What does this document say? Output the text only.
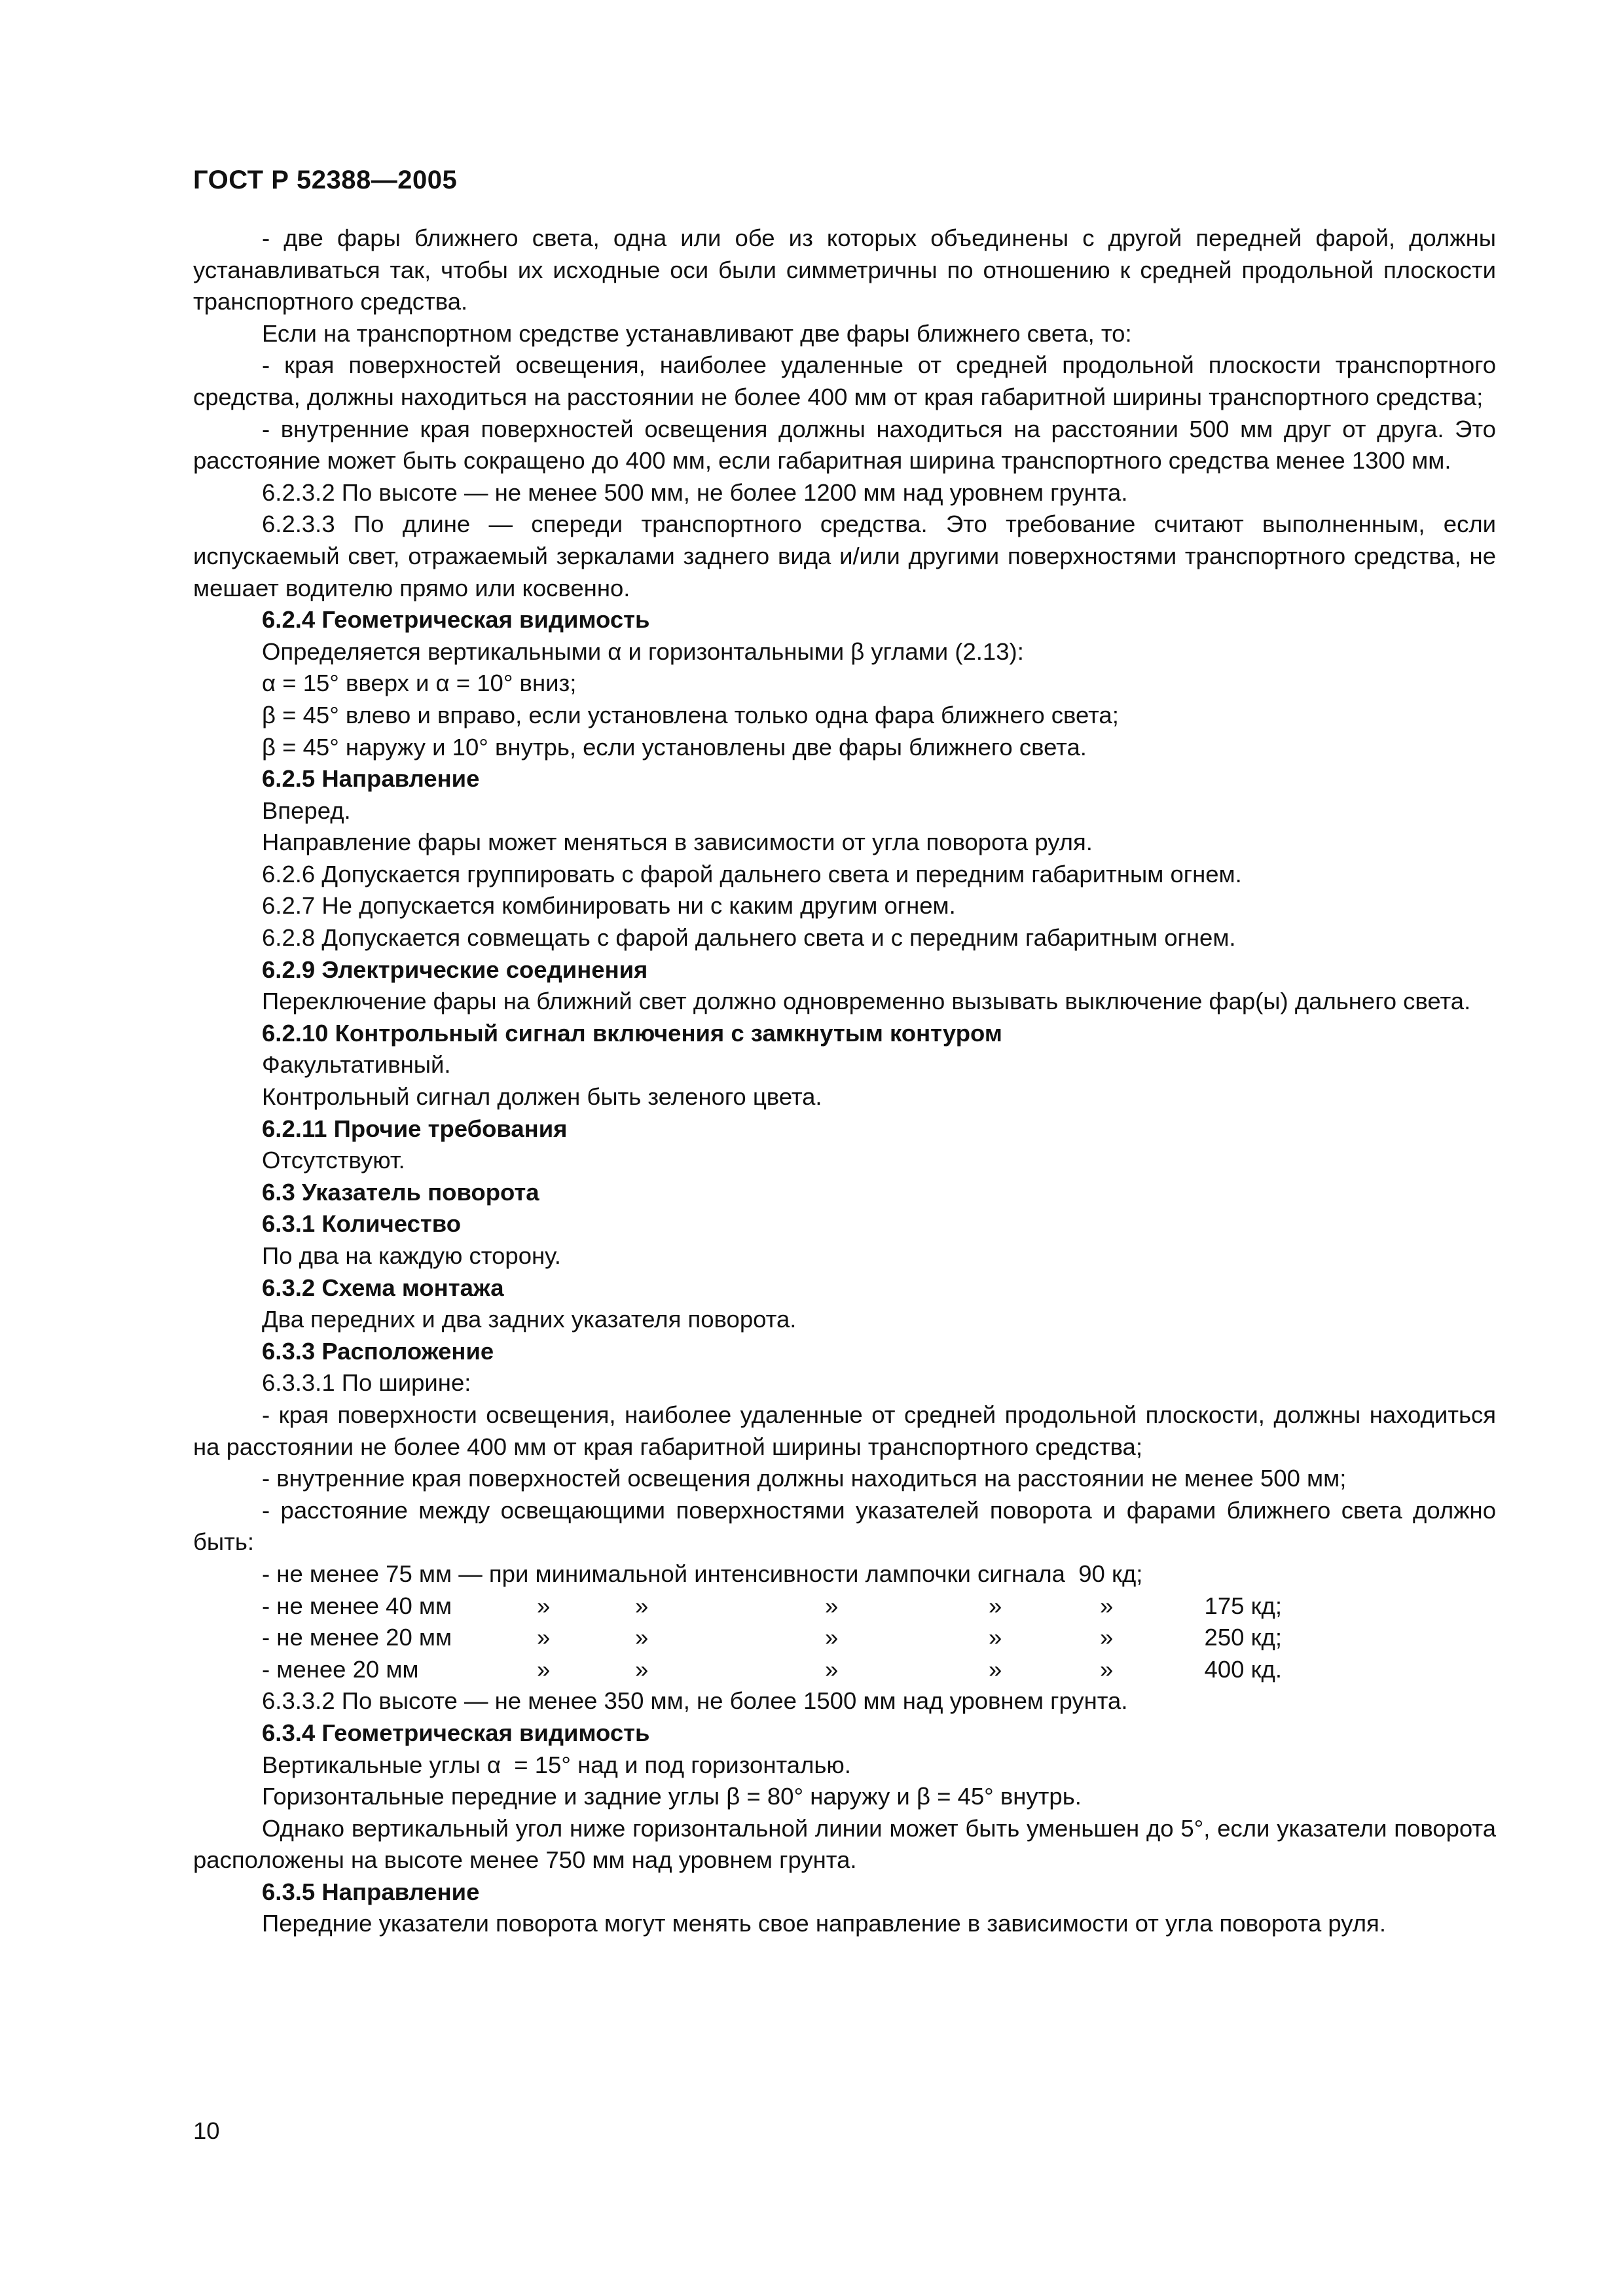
ГОСТ Р 52388—2005

- две фары ближнего света, одна или обе из которых объединены с другой передней фарой, должны устанавливаться так, чтобы их исходные оси были симметричны по отношению к средней продольной плоскости транспортного средства.

Если на транспортном средстве устанавливают две фары ближнего света, то:

- края поверхностей освещения, наиболее удаленные от средней продольной плоскости транспортного средства, должны находиться на расстоянии не более 400 мм от края габаритной ширины транспортного средства;

- внутренние края поверхностей освещения должны находиться на расстоянии 500 мм друг от друга. Это расстояние может быть сокращено до 400 мм, если габаритная ширина транспортного средства менее 1300 мм.

6.2.3.2 По высоте — не менее 500 мм, не более 1200 мм над уровнем грунта.

6.2.3.3 По длине — спереди транспортного средства. Это требование считают выполненным, если испускаемый свет, отражаемый зеркалами заднего вида и/или другими поверхностями транспортного средства, не мешает водителю прямо или косвенно.

6.2.4 Геометрическая видимость

Определяется вертикальными α и горизонтальными β углами (2.13):

α = 15° вверх и α = 10° вниз;

β = 45° влево и вправо, если установлена только одна фара ближнего света;

β = 45° наружу и 10° внутрь, если установлены две фары ближнего света.

6.2.5 Направление

Вперед.

Направление фары может меняться в зависимости от угла поворота руля.

6.2.6 Допускается группировать с фарой дальнего света и передним габаритным огнем.

6.2.7 Не допускается комбинировать ни с каким другим огнем.

6.2.8 Допускается совмещать с фарой дальнего света и с передним габаритным огнем.

6.2.9 Электрические соединения

Переключение фары на ближний свет должно одновременно вызывать выключение фар(ы) дальнего света.

6.2.10 Контрольный сигнал включения с замкнутым контуром

Факультативный.

Контрольный сигнал должен быть зеленого цвета.

6.2.11 Прочие требования

Отсутствуют.

6.3 Указатель поворота

6.3.1 Количество

По два на каждую сторону.

6.3.2 Схема монтажа

Два передних и два задних указателя поворота.

6.3.3 Расположение

6.3.3.1 По ширине:

- края поверхности освещения, наиболее удаленные от средней продольной плоскости, должны находиться на расстоянии не более 400 мм от края габаритной ширины транспортного средства;

- внутренние края поверхностей освещения должны находиться на расстоянии не менее 500 мм;

- расстояние между освещающими поверхностями указателей поворота и фарами ближнего света должно быть:

- не менее 75 мм — при минимальной интенсивности лампочки сигнала  90 кд;

- не менее 40 мм	»	»	»	»	»	175 кд;
- не менее 20 мм	»	»	»	»	»	250 кд;
- менее 20 мм	»	»	»	»	»	400 кд.

6.3.3.2 По высоте — не менее 350 мм, не более 1500 мм над уровнем грунта.

6.3.4 Геометрическая видимость

Вертикальные углы α  = 15° над и под горизонталью.

Горизонтальные передние и задние углы β = 80° наружу и β = 45° внутрь.

Однако вертикальный угол ниже горизонтальной линии может быть уменьшен до 5°, если указатели поворота расположены на высоте менее 750 мм над уровнем грунта.

6.3.5 Направление

Передние указатели поворота могут менять свое направление в зависимости от угла поворота руля.

10
